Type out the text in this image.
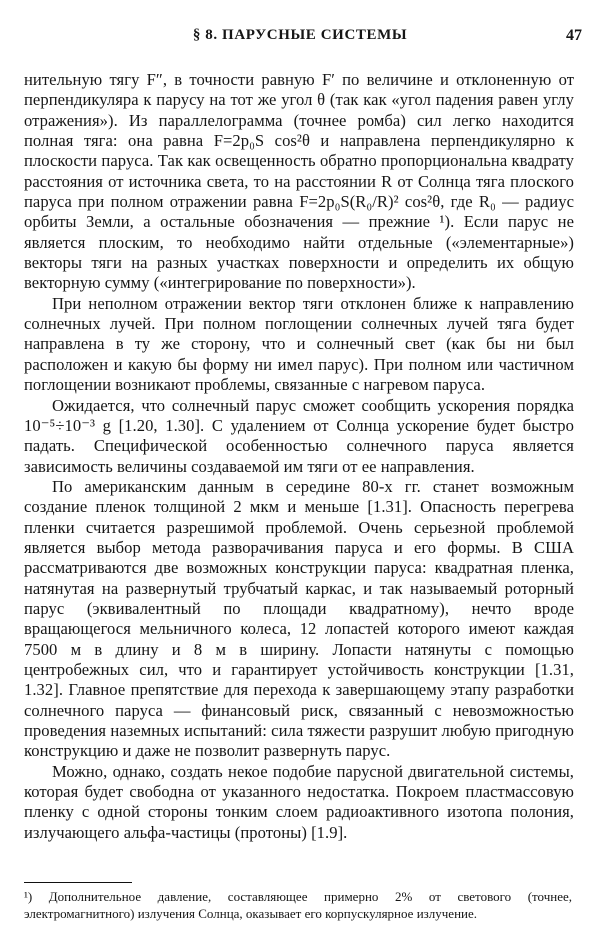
§ 8. ПАРУСНЫЕ СИСТЕМЫ	47

нительную тягу F″, в точности равную F′ по величине и отклоненную от перпендикуляра к парусу на тот же угол θ (так как «угол падения равен углу отражения»). Из параллелограмма (точнее ромба) сил легко находится полная тяга: она равна F=2p₀S cos²θ и направлена перпендикулярно к плоскости паруса. Так как освещенность обратно пропорциональна квадрату расстояния от источника света, то на расстоянии R от Солнца тяга плоского паруса при полном отражении равна F=2p₀S(R₀/R)² cos²θ, где R₀ — радиус орбиты Земли, а остальные обозначения — прежние ¹). Если парус не является плоским, то необходимо найти отдельные («элементарные») векторы тяги на разных участках поверхности и определить их общую векторную сумму («интегрирование по поверхности»).

При неполном отражении вектор тяги отклонен ближе к направлению солнечных лучей. При полном поглощении солнечных лучей тяга будет направлена в ту же сторону, что и солнечный свет (как бы ни был расположен и какую бы форму ни имел парус). При полном или частичном поглощении возникают проблемы, связанные с нагревом паруса.

Ожидается, что солнечный парус сможет сообщить ускорения порядка 10⁻⁵÷10⁻³ g [1.20, 1.30]. С удалением от Солнца ускорение будет быстро падать. Специфической особенностью солнечного паруса является зависимость величины создаваемой им тяги от ее направления.

По американским данным в середине 80-х гг. станет возможным создание пленок толщиной 2 мкм и меньше [1.31]. Опасность перегрева пленки считается разрешимой проблемой. Очень серьезной проблемой является выбор метода разворачивания паруса и его формы. В США рассматриваются две возможных конструкции паруса: квадратная пленка, натянутая на развернутый трубчатый каркас, и так называемый роторный парус (эквивалентный по площади квадратному), нечто вроде вращающегося мельничного колеса, 12 лопастей которого имеют каждая 7500 м в длину и 8 м в ширину. Лопасти натянуты с помощью центробежных сил, что и гарантирует устойчивость конструкции [1.31, 1.32]. Главное препятствие для перехода к завершающему этапу разработки солнечного паруса — финансовый риск, связанный с невозможностью проведения наземных испытаний: сила тяжести разрушит любую пригодную конструкцию и даже не позволит развернуть парус.

Можно, однако, создать некое подобие парусной двигательной системы, которая будет свободна от указанного недостатка. Покроем пластмассовую пленку с одной стороны тонким слоем радиоактивного изотопа полония, излучающего альфа-частицы (протоны) [1.9].

¹) Дополнительное давление, составляющее примерно 2% от светового (точнее, электромагнитного) излучения Солнца, оказывает его корпускулярное излучение.
